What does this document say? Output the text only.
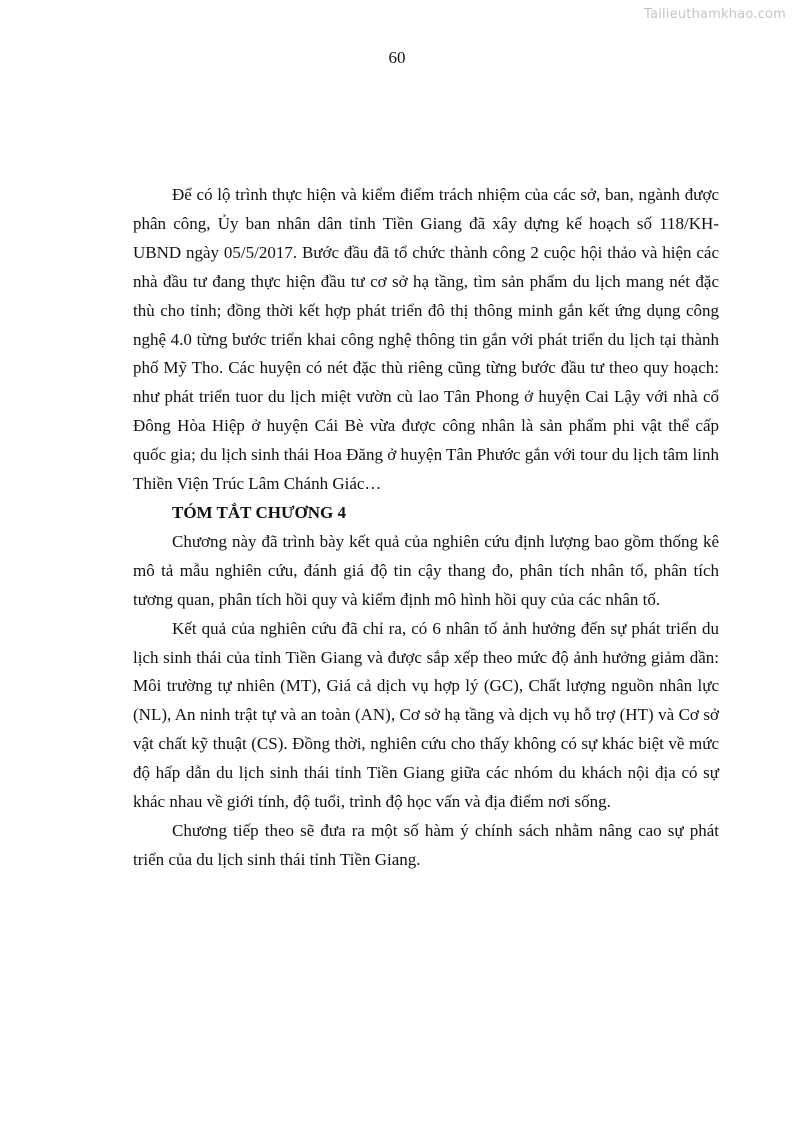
Tailieuthamkhao.com
60

Để có lộ trình thực hiện và kiểm điểm trách nhiệm của các sở, ban, ngành được phân công, Ủy ban nhân dân tỉnh Tiền Giang đã xây dựng kế hoạch số 118/KH-UBND ngày 05/5/2017. Bước đầu đã tổ chức thành công 2 cuộc hội thảo và hiện các nhà đầu tư đang thực hiện đầu tư cơ sở hạ tầng, tìm sản phẩm du lịch mang nét đặc thù cho tỉnh; đồng thời kết hợp phát triển đô thị thông minh gắn kết ứng dụng công nghệ 4.0 từng bước triển khai công nghệ thông tin gắn với phát triển du lịch tại thành phố Mỹ Tho. Các huyện có nét đặc thù riêng cũng từng bước đầu tư theo quy hoạch: như phát triển tuor du lịch miệt vườn cù lao Tân Phong ở huyện Cai Lậy với nhà cổ Đông Hòa Hiệp ở huyện Cái Bè vừa được công nhân là sản phẩm phi vật thể cấp quốc gia; du lịch sinh thái Hoa Đăng ở huyện Tân Phước gắn với tour du lịch tâm linh Thiền Viện Trúc Lâm Chánh Giác…

TÓM TẮT CHƯƠNG 4

Chương này đã trình bày kết quả của nghiên cứu định lượng bao gồm thống kê mô tả mẫu nghiên cứu, đánh giá độ tin cậy thang đo, phân tích nhân tố, phân tích tương quan, phân tích hồi quy và kiểm định mô hình hồi quy của các nhân tố.

Kết quả của nghiên cứu đã chỉ ra, có 6 nhân tố ảnh hưởng đến sự phát triển du lịch sinh thái của tỉnh Tiền Giang và được sắp xếp theo mức độ ảnh hưởng giảm dần: Môi trường tự nhiên (MT), Giá cả dịch vụ hợp lý (GC), Chất lượng nguồn nhân lực (NL), An ninh trật tự và an toàn (AN), Cơ sở hạ tầng và dịch vụ hỗ trợ (HT) và Cơ sở vật chất kỹ thuật (CS). Đồng thời, nghiên cứu cho thấy không có sự khác biệt về mức độ hấp dẫn du lịch sinh thái tỉnh Tiền Giang giữa các nhóm du khách nội địa có sự khác nhau về giới tính, độ tuổi, trình độ học vấn và địa điểm nơi sống.

Chương tiếp theo sẽ đưa ra một số hàm ý chính sách nhằm nâng cao sự phát triển của du lịch sinh thái tỉnh Tiền Giang.
